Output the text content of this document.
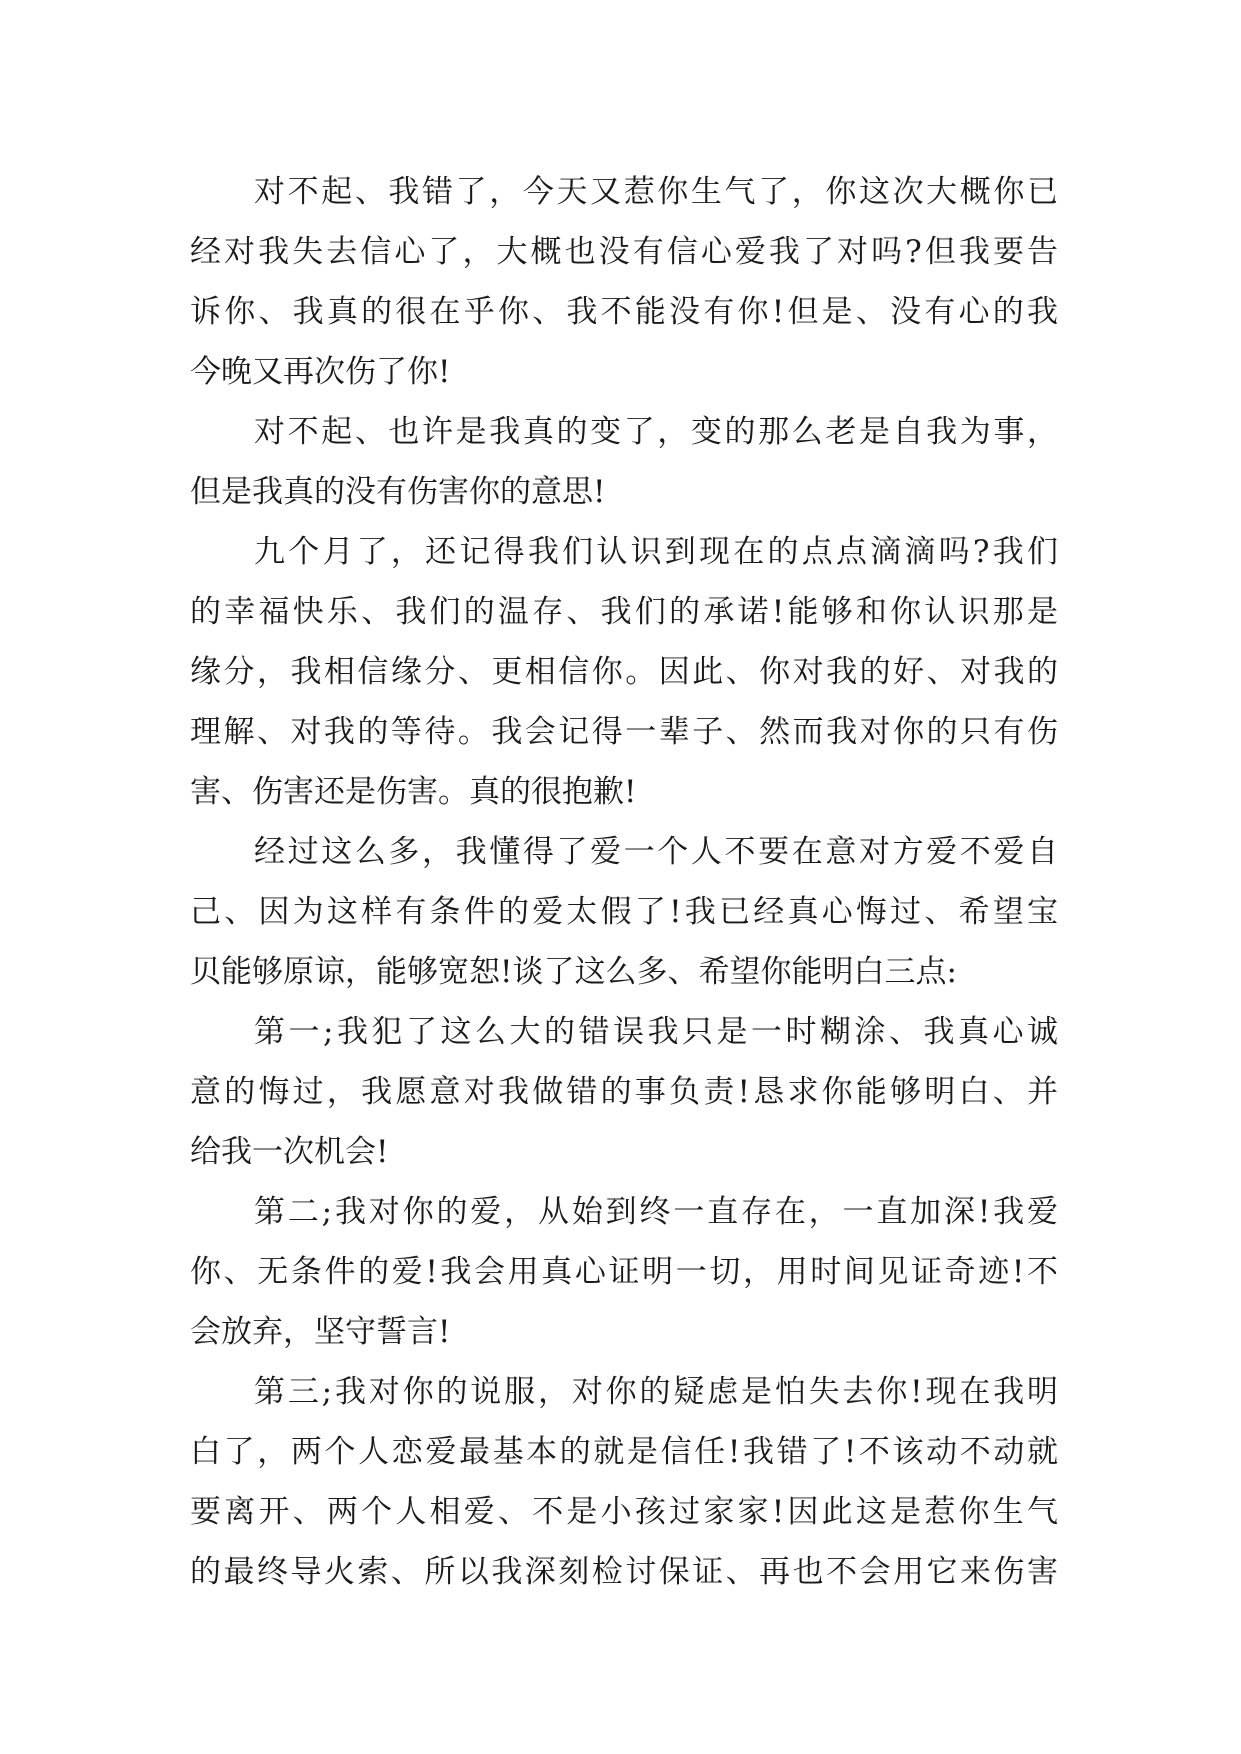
对不起、我错了，今天又惹你生气了，你这次大概你已
经对我失去信心了，大概也没有信心爱我了对吗?但我要告
诉你、我真的很在乎你、我不能没有你!但是、没有心的我
今晚又再次伤了你!
对不起、也许是我真的变了，变的那么老是自我为事，
但是我真的没有伤害你的意思!
九个月了，还记得我们认识到现在的点点滴滴吗?我们
的幸福快乐、我们的温存、我们的承诺!能够和你认识那是
缘分，我相信缘分、更相信你。因此、你对我的好、对我的
理解、对我的等待。我会记得一辈子、然而我对你的只有伤
害、伤害还是伤害。真的很抱歉!
经过这么多，我懂得了爱一个人不要在意对方爱不爱自
己、因为这样有条件的爱太假了!我已经真心悔过、希望宝
贝能够原谅，能够宽恕!谈了这么多、希望你能明白三点:
第一;我犯了这么大的错误我只是一时糊涂、我真心诚
意的悔过，我愿意对我做错的事负责!恳求你能够明白、并
给我一次机会!
第二;我对你的爱，从始到终一直存在，一直加深!我爱
你、无条件的爱!我会用真心证明一切，用时间见证奇迹!不
会放弃，坚守誓言!
第三;我对你的说服，对你的疑虑是怕失去你!现在我明
白了，两个人恋爱最基本的就是信任!我错了!不该动不动就
要离开、两个人相爱、不是小孩过家家!因此这是惹你生气
的最终导火索、所以我深刻检讨保证、再也不会用它来伤害
